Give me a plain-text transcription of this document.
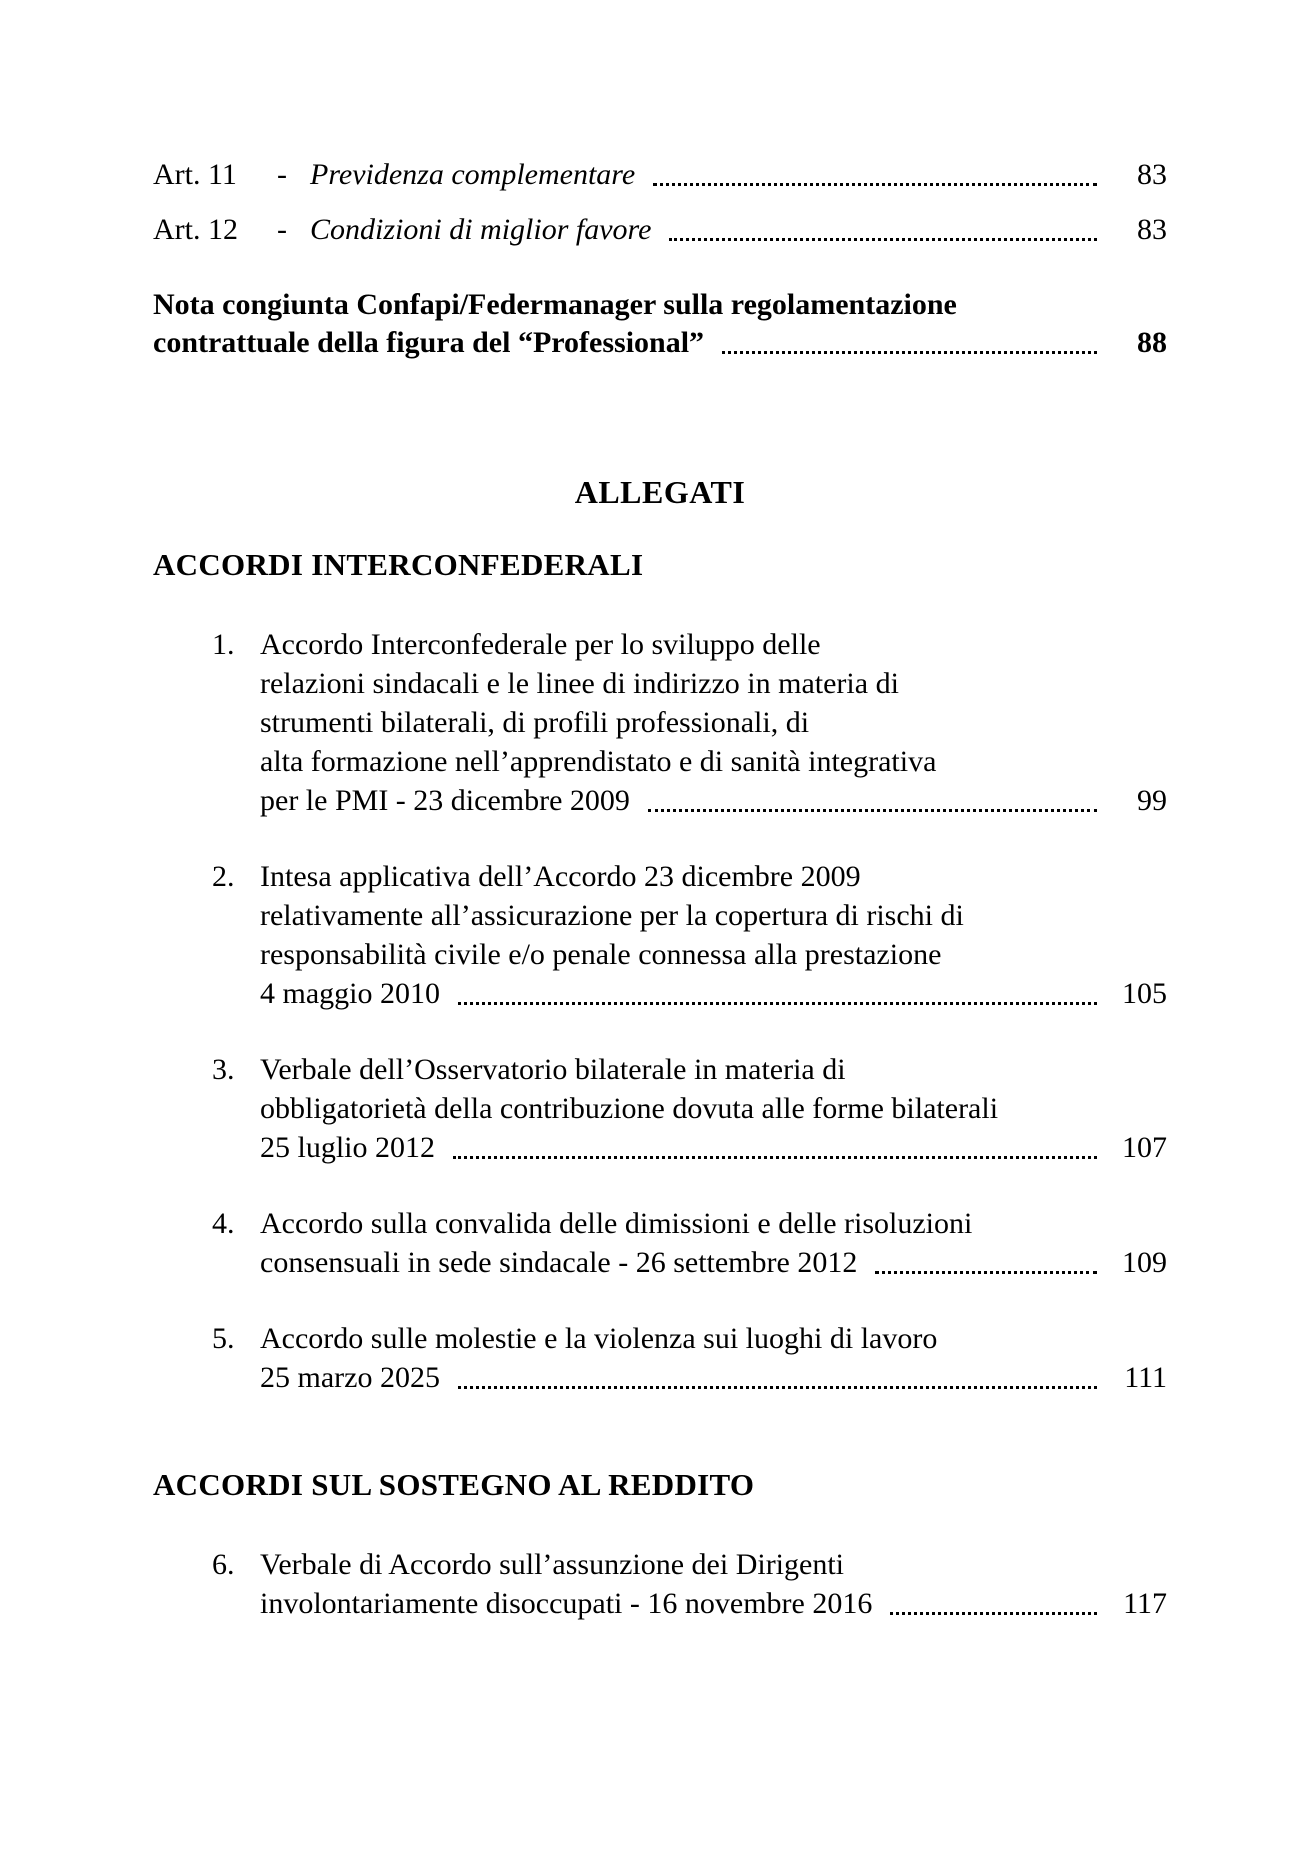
Art. 11	- Previdenza complementare	83
Art. 12	- Condizioni di miglior favore	83
Nota congiunta Confapi/Federmanager sulla regolamentazione
contrattuale della figura del “Professional”	88
ALLEGATI
ACCORDI INTERCONFEDERALI
1. Accordo Interconfederale per lo sviluppo delle
relazioni sindacali e le linee di indirizzo in materia di
strumenti bilaterali, di profili professionali, di
alta formazione nell’apprendistato e di sanità integrativa
per le PMI - 23 dicembre 2009	99
2. Intesa applicativa dell’Accordo 23 dicembre 2009
relativamente all’assicurazione per la copertura di rischi di
responsabilità civile e/o penale connessa alla prestazione
4 maggio 2010	105
3. Verbale dell’Osservatorio bilaterale in materia di
obbligatorietà della contribuzione dovuta alle forme bilaterali
25 luglio 2012	107
4. Accordo sulla convalida delle dimissioni e delle risoluzioni
consensuali in sede sindacale - 26 settembre 2012	109
5. Accordo sulle molestie e la violenza sui luoghi di lavoro
25 marzo 2025	111
ACCORDI SUL SOSTEGNO AL REDDITO
6. Verbale di Accordo sull’assunzione dei Dirigenti
involontariamente disoccupati - 16 novembre 2016	117
